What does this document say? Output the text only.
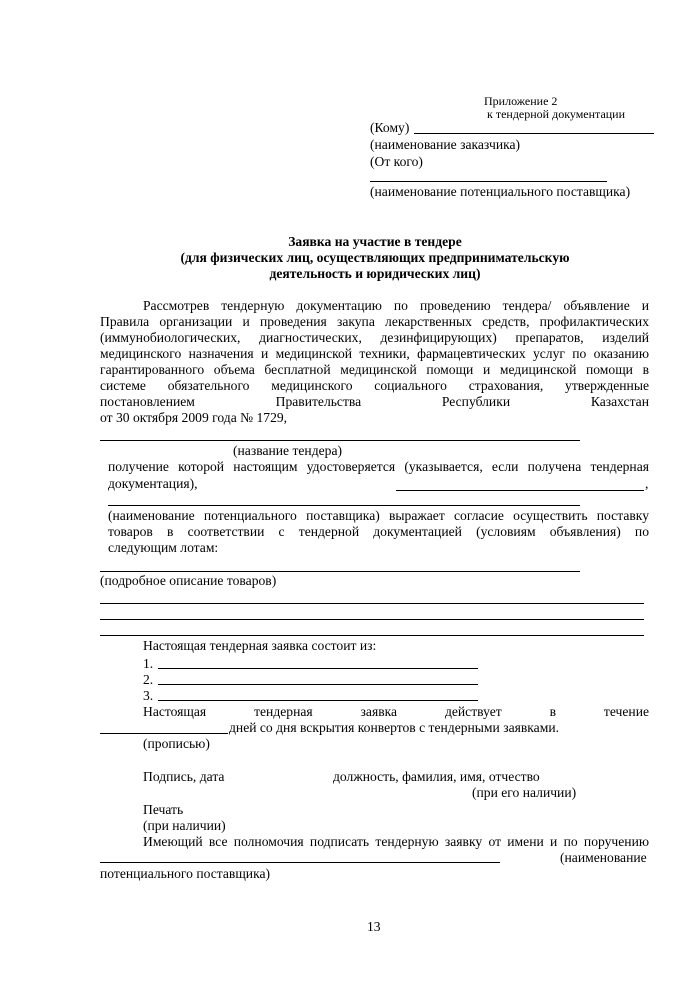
Приложение 2
к тендерной документации
(Кому)
(наименование заказчика)
(От кого)
(наименование потенциального поставщика)
Заявка на участие в тендере
(для физических лиц, осуществляющих предпринимательскую
деятельность и юридических лиц)
Рассмотрев тендерную документацию по проведению тендера/ объявление и
Правила организации и проведения закупа лекарственных средств, профилактических
(иммунобиологических, диагностических, дезинфицирующих) препаратов, изделий
медицинского назначения и медицинской техники, фармацевтических услуг по оказанию
гарантированного объема бесплатной медицинской помощи и медицинской помощи в
системе обязательного медицинского социального страхования, утвержденные
постановлением Правительства Республики Казахстан
от 30 октября 2009 года № 1729,
(название тендера)
получение которой настоящим удостоверяется (указывается, если получена тендерная
документация),	,
(наименование потенциального поставщика) выражает согласие осуществить поставку
товаров в соответствии с тендерной документацией (условиям объявления) по
следующим лотам:
(подробное описание товаров)
Настоящая тендерная заявка состоит из:
1.
2.
3.
Настоящая тендерная заявка действует в течение
дней со дня вскрытия конвертов с тендерными заявками.
(прописью)
Подпись, дата	должность, фамилия, имя, отчество
(при его наличии)
Печать
(при наличии)
Имеющий все полномочия подписать тендерную заявку от имени и по поручению
(наименование
потенциального поставщика)
13
